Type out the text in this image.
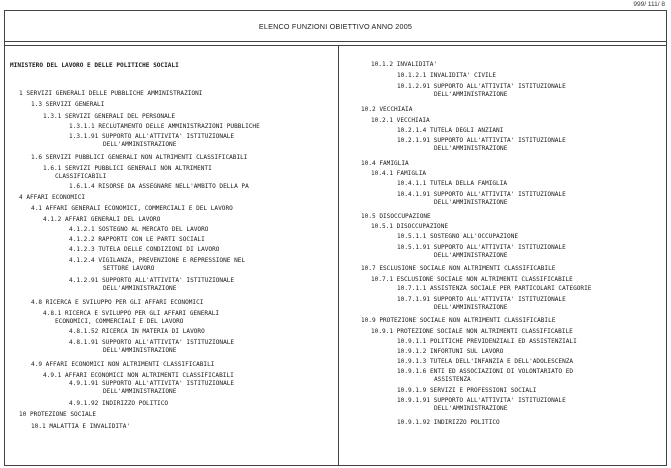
999/ 111/ 8
ELENCO FUNZIONI OBIETTIVO ANNO 2005
MINISTERO DEL LAVORO E DELLE POLITICHE SOCIALI
1 SERVIZI GENERALI DELLE PUBBLICHE AMMINISTRAZIONI
1.3 SERVIZI GENERALI
1.3.1 SERVIZI GENERALI DEL PERSONALE
1.3.1.1 RECLUTAMENTO DELLE AMMINISTRAZIONI PUBBLICHE
1.3.1.91 SUPPORTO ALL'ATTIVITA' ISTITUZIONALE
DELL'AMMINISTRAZIONE
1.6 SERVIZI PUBBLICI GENERALI NON ALTRIMENTI CLASSIFICABILI
1.6.1 SERVIZI PUBBLICI GENERALI NON ALTRIMENTI
CLASSIFICABILI
1.6.1.4 RISORSE DA ASSEGNARE NELL'AMBITO DELLA PA
4 AFFARI ECONOMICI
4.1 AFFARI GENERALI ECONOMICI, COMMERCIALI E DEL LAVORO
4.1.2 AFFARI GENERALI DEL LAVORO
4.1.2.1 SOSTEGNO AL MERCATO DEL LAVORO
4.1.2.2 RAPPORTI CON LE PARTI SOCIALI
4.1.2.3 TUTELA DELLE CONDIZIONI DI LAVORO
4.1.2.4 VIGILANZA, PREVENZIONE E REPRESSIONE NEL
SETTORE LAVORO
4.1.2.91 SUPPORTO ALL'ATTIVITA' ISTITUZIONALE
DELL'AMMINISTRAZIONE
4.8 RICERCA E SVILUPPO PER GLI AFFARI ECONOMICI
4.8.1 RICERCA E SVILUPPO PER GLI AFFARI GENERALI
ECONOMICI, COMMERCIALI E DEL LAVORO
4.8.1.52 RICERCA IN MATERIA DI LAVORO
4.8.1.91 SUPPORTO ALL'ATTIVITA' ISTITUZIONALE
DELL'AMMINISTRAZIONE
4.9 AFFARI ECONOMICI NON ALTRIMENTI CLASSIFICABILI
4.9.1 AFFARI ECONOMICI NON ALTRIMENTI CLASSIFICABILI
4.9.1.91 SUPPORTO ALL'ATTIVITA' ISTITUZIONALE
DELL'AMMINISTRAZIONE
4.9.1.92 INDIRIZZO POLITICO
10 PROTEZIONE SOCIALE
10.1 MALATTIA E INVALIDITA'
10.1.2 INVALIDITA'
10.1.2.1 INVALIDITA' CIVILE
10.1.2.91 SUPPORTO ALL'ATTIVITA' ISTITUZIONALE
DELL'AMMINISTRAZIONE
10.2 VECCHIAIA
10.2.1 VECCHIAIA
10.2.1.4 TUTELA DEGLI ANZIANI
10.2.1.91 SUPPORTO ALL'ATTIVITA' ISTITUZIONALE
DELL'AMMINISTRAZIONE
10.4 FAMIGLIA
10.4.1 FAMIGLIA
10.4.1.1 TUTELA DELLA FAMIGLIA
10.4.1.91 SUPPORTO ALL'ATTIVITA' ISTITUZIONALE
DELL'AMMINISTRAZIONE
10.5 DISOCCUPAZIONE
10.5.1 DISOCCUPAZIONE
10.5.1.1 SOSTEGNO ALL'OCCUPAZIONE
10.5.1.91 SUPPORTO ALL'ATTIVITA' ISTITUZIONALE
DELL'AMMINISTRAZIONE
10.7 ESCLUSIONE SOCIALE NON ALTRIMENTI CLASSIFICABILE
10.7.1 ESCLUSIONE SOCIALE NON ALTRIMENTI CLASSIFICABILE
10.7.1.1 ASSISTENZA SOCIALE PER PARTICOLARI CATEGORIE
10.7.1.91 SUPPORTO ALL'ATTIVITA' ISTITUZIONALE
DELL'AMMINISTRAZIONE
10.9 PROTEZIONE SOCIALE NON ALTRIMENTI CLASSIFICABILE
10.9.1 PROTEZIONE SOCIALE NON ALTRIMENTI CLASSIFICABILE
10.9.1.1 POLITICHE PREVIDENZIALI ED ASSISTENZIALI
10.9.1.2 INFORTUNI SUL LAVORO
10.9.1.3 TUTELA DELL'INFANZIA E DELL'ADOLESCENZA
10.9.1.6 ENTI ED ASSOCIAZIONI DI VOLONTARIATO ED
ASSISTENZA
10.9.1.9 SERVIZI E PROFESSIONI SOCIALI
10.9.1.91 SUPPORTO ALL'ATTIVITA' ISTITUZIONALE
DELL'AMMINISTRAZIONE
10.9.1.92 INDIRIZZO POLITICO
